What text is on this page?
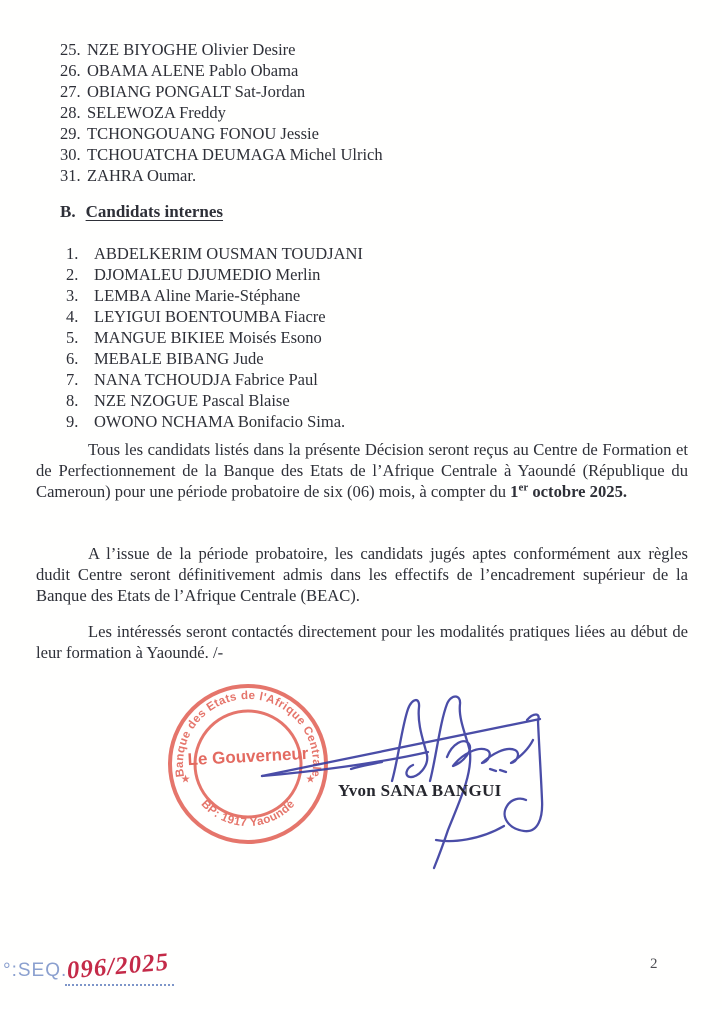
25. NZE BIYOGHE Olivier Desire
26. OBAMA ALENE Pablo Obama
27. OBIANG PONGALT Sat-Jordan
28. SELEWOZA Freddy
29. TCHONGOUANG FONOU Jessie
30. TCHOUATCHA DEUMAGA Michel Ulrich
31. ZAHRA Oumar.
B. Candidats internes
1. ABDELKERIM OUSMAN TOUDJANI
2. DJOMALEU DJUMEDIO Merlin
3. LEMBA Aline Marie-Stéphane
4. LEYIGUI BOENTOUMBA Fiacre
5. MANGUE BIKIEE Moisés Esono
6. MEBALE BIBANG Jude
7. NANA TCHOUDJA Fabrice Paul
8. NZE NZOGUE Pascal Blaise
9. OWONO NCHAMA Bonifacio Sima.

Tous les candidats listés dans la présente Décision seront reçus au Centre de Formation et de Perfectionnement de la Banque des Etats de l’Afrique Centrale à Yaoundé (République du Cameroun) pour une période probatoire de six (06) mois, à compter du 1er octobre 2025.

A l’issue de la période probatoire, les candidats jugés aptes conformément aux règles dudit Centre seront définitivement admis dans les effectifs de l’encadrement supérieur de la Banque des Etats de l’Afrique Centrale (BEAC).

Les intéressés seront contactés directement pour les modalités pratiques liées au début de leur formation à Yaoundé. /-

Banque des Etats de l'Afrique Centrale
BP: 1917 Yaoundé
★	★
Le Gouverneur
Yvon SANA BANGUI
°:SEQ.096/2025	2
